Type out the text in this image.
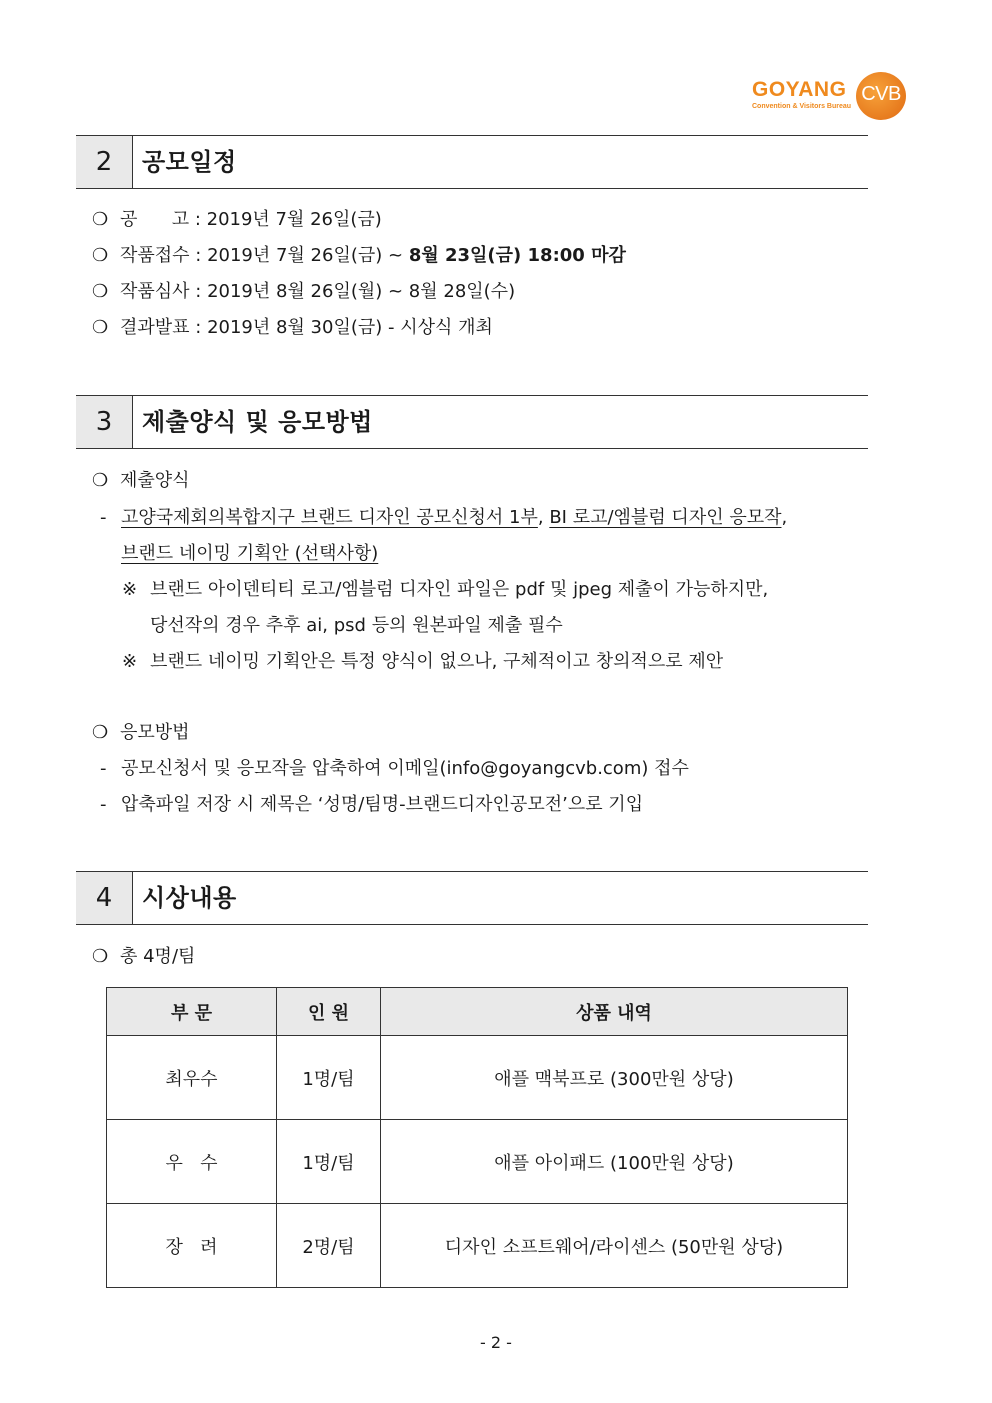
GOYANG
Convention & Visitors Bureau
CVB
2	공모일정
❍ 공      고 : 2019년 7월 26일(금)
❍ 작품접수 : 2019년 7월 26일(금) ~ 8월 23일(금) 18:00 마감
❍ 작품심사 : 2019년 8월 26일(월) ~ 8월 28일(수)
❍ 결과발표 : 2019년 8월 30일(금) - 시상식 개최
3	제출양식 및 응모방법
❍ 제출양식
- 고양국제회의복합지구 브랜드 디자인 공모신청서 1부, BI 로고/엠블럼 디자인 응모작,
브랜드 네이밍 기획안 (선택사항)
※ 브랜드 아이덴티티 로고/엠블럼 디자인 파일은 pdf 및 jpeg 제출이 가능하지만,
당선작의 경우 추후 ai, psd 등의 원본파일 제출 필수
※ 브랜드 네이밍 기획안은 특정 양식이 없으나, 구체적이고 창의적으로 제안
❍ 응모방법
- 공모신청서 및 응모작을 압축하여 이메일(info@goyangcvb.com) 접수
- 압축파일 저장 시 제목은 ‘성명/팀명-브랜드디자인공모전’으로 기입
4	시상내용
❍ 총 4명/팀
부 문	인 원	상품 내역
최우수	1명/팀	애플 맥북프로 (300만원 상당)
우   수	1명/팀	애플 아이패드 (100만원 상당)
장   려	2명/팀	디자인 소프트웨어/라이센스 (50만원 상당)
- 2 -
